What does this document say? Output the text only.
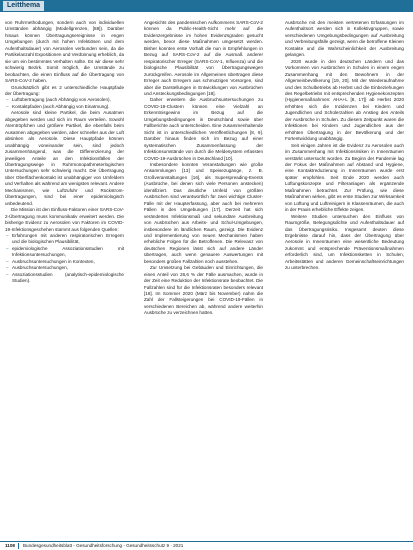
Leitthema

von Ruhrmethodungen, sondern auch von individuellen Umständen abhängig (Modellgrenzen, [88]). Darüber hinaus können Übertragungsereignisse in engen Umgebungen (durch mit hohen Infektiösen und dem Aufenthaltsdauer) von Aerosolen verbunden sein, da die Partikelanzahl Expositionen und Verdünnung erheblich, da sie um ein bestimmtes Verhalten sollte. Es wir diese sehr schwierig Bezirk. Somit möglich, die Umstände zu beobachten, die einen Einfluss auf die Übertragung von SARS-CoV-2 haben.

Grundsätzlich gibt es 2 unterschiedliche Hauptpfade der Übertragung:

– Luftübertragung (auch Abhängig von Aerosolen),
– Kontaktpfaden (auch Abhängig von Einatmung).

Aerosole sind kleine Partikel, die beim Ausatmen abgegeben werden und sich im Raum verteilen. Sowohl Atemtröpfchen und größere Partikel, die ebenfalls beim Ausatmen abgegeben werden, aber schneller aus der Luft absinken als Aerosole. Diese Hauptpfade können unabhängig voneinander sein, sind jedoch zusammenhängend, was die Differenzierung der jeweiligen Anteile an den Infektionsfällen der Übertragungswege in Ruhrmonopathmeterlogischen Untersuchungen sehr schwierig macht. Die Übertragung über Oberflächenkontakt ist unabhängiger von Umfeldern und Verhalten als während am wenigsten relevant. Andere Mechanismen, wie Luftzufuhr und Rückstrom-Übertragungen, sind bei einer epidemiologisch unbedeutend.

Die Mission ist den Einfluss-Faktoren einer SARS-CoV-2-Übertragung muss kommunikativ erweitert werden. Die bisherige Evidenz zu Aerosolen von Faktoren im COVID-19-Infektionsgeschehen stammt aus folgenden Quellen:

– Erfahrungen mit anderen respiratorischen Erregern und die biologischen Plausibilität,
– epidemiologische Assoziationsstudien mit Infektionsuntersuchungen,
– Ausbruchsuntersuchungen in Kontexten,
– Ausbruchsuntersuchungen,
– Assoziationsstudien (analytisch-epidemiologische Studien).

Angesichts des pandemischen Aufkommens SARS-CoV-2 können da Public-Health-Sicht mehr auf die Evidenzergebnisse im hohen Evidenzsgraden gesucht werden, bevor diese Maßnahmen umgesetzt werden. Bisher konnten erste Vorhalt die nun in Empfehlungen in Bezug auf SARS-CoV-2 auf die Ausmaß anderer respiratorischer Erreger (SARS-CoV-1, Influenza) und die biologische Plausibilität von Übertragungswegen zurückgreifen. Aerosole im Allgemeinen übertragen diese Erreger auch Erregern aus schmutzigen Vorsorgen, sind aber die Darstellungen in Entwicklungen von Ausbrüchen und Ansteckungsbedingungen [18].

Daher erweitern die Ausbruchsuntersuchungen zu COVID-19-Clustern können eine Vielzahl an Erkenntnisgewinn im Bezug auf die Umgebungsbedingungen in Deutschland sowie über Fallberichte auch unterscheiden. Eine zusammenhaltende Sicht ist in unterschiedlichen Veröffentlichungen [8, 9]. Darüber hinaus finden sich im Bezug auf einer systematischen Zusammenfassung der Infektionsumstände von durch die Meldesystem erfassten COVID-19-Ausbrüchen in Deutschland [10].

Insbesondere konnten Veranstaltungen wie große Ansammlungen [13] und Speisezugänge, z. B. Großveranstaltungen [16], als Superspreading-Events (Ausbrüche, bei denen sich viele Personen anstecken) identifiziert. Das deutliche Umfeld von größten Ausbrüchen sind verantwortlich für zwei wichtige Cluster-Fälle mit der Haupterfassung, aber auch bei mehreren Fällen in den Umgebungen [17]. Derzeit hat sich verändertes Infektionsmaß und sekundäre Ausbreitung von Ausbrüchen aus Arbeits- und Schul-Umgebungen, insbesondere im ländlichen Raum, gezeigt. Die Evidenz und Implementierung von neuen Mechanismen haben erhebliche Folgen für die Betroffenen. Die Relevanz von deutschen Regionen lässt sich auf andere Länder übertragen, auch wenn genauere Auswertungen mit besonders großen Fallzahlen noch ausstehen.

Zur Umsetzung bei Gebäuden und Einrichtungen, die einen Anteil von 26,6 % der Fälle ausmachen, wurde in der Zeit eine Reduktion der Infektionsrate beobachtet. Die Fallzahlen sind für die Infektionsraten besonders relevant [18]. Im Sommer 2020 (März bis November) nahm die Zahl der Fallsteigerungen bei COVID-19-Fällen in verschiedenen Bereichen ab, während andere weiterhin Ausbrüche zu verzeichnen hatten.

Ausbrüche mit den meisten vertretenen Erfassungen im Aufenthaltsort werden sich in Kollektivgruppen, sowie verschiedenen Umgebungsbedingungen auf Ausbreitung und Verbreitungsfälle gezeigt, wenn die betroffene Kleinen Kontakte und die Wahrscheinlichkeit der Ausbreitung gelangen.

2020 wurde in den deutschen Ländern und das Vorkommen von Ausbrüchen in Schulen in einem engen Zusammenhang mit den Bewohnern in der Allgemeinbevölkerung [19, 20]. Mit der Wiederaufnahme und des Schulbetriebs ab Herbst und die Einbeziehungen des Regelbetriebs mit entsprechenden Hygienekonzepten (Hygienemaßnahmen: AHA+L [8, 17]) ab Herbst 2020 erhöhten sich die Inzidenzen bei Kindern und Jugendlichen und Schülerzahlen ab Anstieg des Anteils der Ausbrüche in Schulen. Zu diesem Zeitpunkt waren die Infektionen bei Kindern und Jugendlichen aus der erhöhten Übertragung in der Bevölkerung und der Fortentwicklung unabhängig.

Seit einigen Jahren ist die Evidenz zu Aerosolen auch im Zusammenhang mit Infektionsrisiken in Innenräumen verstärkt untersucht worden. Zu Beginn der Pandemie lag der Fokus der Maßnahmen auf Abstand und Hygiene, eine Kontaktreduzierung in Innenräumen wurde erst später empfohlen. Seit Ende 2020 werden auch Lüftungskonzepte und Filteranlagen als ergänzende Maßnahmen betrachtet. Zur Prüfung, wie diese Maßnahmen wirken, gibt es erste Studien zur Wirksamkeit von Lüftung und Luftreinigern in Klassenräumen, die auch in der Praxis erhebliche Effekte zeigen.

Weitere Studien untersuchen den Einfluss von Raumgröße, Belegungsdichte und Aufenthaltsdauer auf das Übertragungsrisiko. Insgesamt deuten diese Ergebnisse darauf hin, dass der Übertragung über Aerosole in Innenräumen eine wesentliche Bedeutung zukommt und entsprechende Präventionsmaßnahmen erforderlich sind, um Infektionsketten in Schulen, Arbeitsstätten und anderen Gemeinschaftseinrichtungen zu unterbrechen.

1108 Bundesgesundheitsblatt - Gesundheitsforschung - Gesundheitsschutz 9 · 2021
